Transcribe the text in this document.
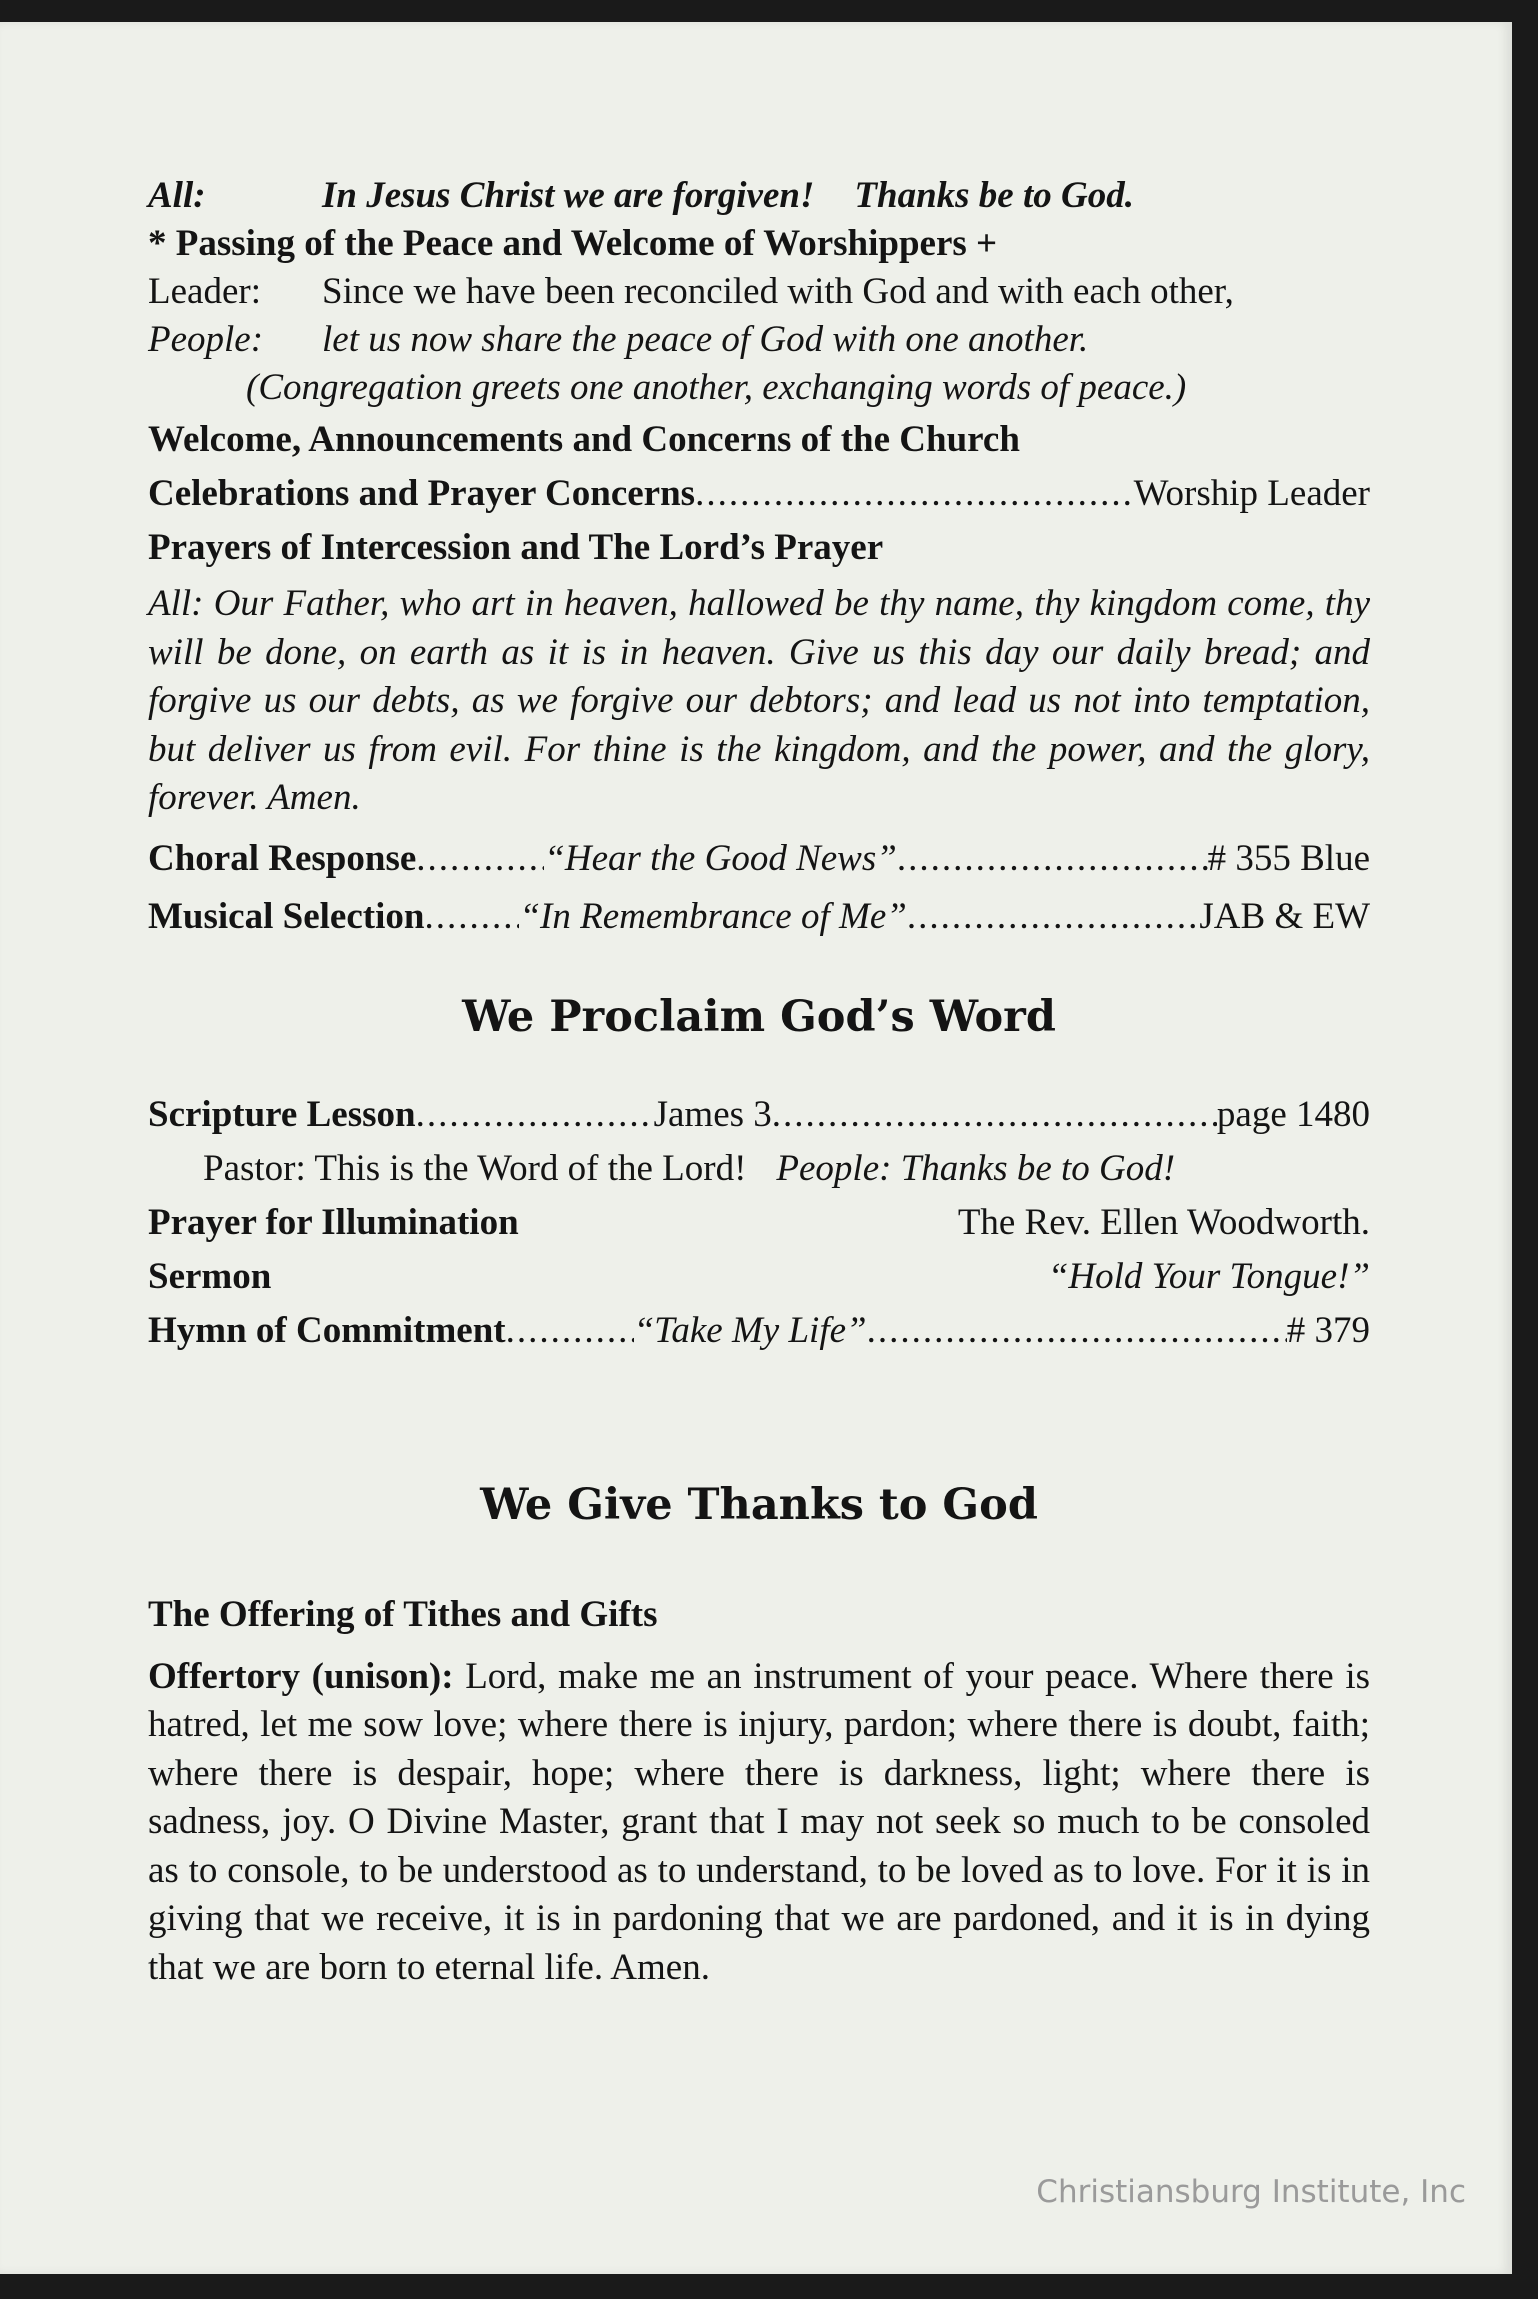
All:	In Jesus Christ we are forgiven! Thanks be to God.
* Passing of the Peace and Welcome of Worshippers +
Leader:	Since we have been reconciled with God and with each other,
People:	let us now share the peace of God with one another.
(Congregation greets one another, exchanging words of peace.)
Welcome, Announcements and Concerns of the Church
Celebrations and Prayer Concerns .....	Worship Leader
Prayers of Intercession and The Lord’s Prayer
All: Our Father, who art in heaven, hallowed be thy name, thy kingdom come, thy will be done, on earth as it is in heaven. Give us this day our daily bread; and forgive us our debts, as we forgive our debtors; and lead us not into temptation, but deliver us from evil. For thine is the kingdom, and the power, and the glory, forever. Amen.
Choral Response .....	“Hear the Good News” .....	# 355 Blue
Musical Selection .....	“In Remembrance of Me” .....	JAB & EW
We Proclaim God’s Word
Scripture Lesson .....	James 3 .....	page 1480
Pastor: This is the Word of the Lord! People: Thanks be to God!
Prayer for Illumination	The Rev. Ellen Woodworth.
Sermon	“Hold Your Tongue!”
Hymn of Commitment .....	“Take My Life” .....	# 379
We Give Thanks to God
The Offering of Tithes and Gifts
Offertory (unison): Lord, make me an instrument of your peace. Where there is hatred, let me sow love; where there is injury, pardon; where there is doubt, faith; where there is despair, hope; where there is darkness, light; where there is sadness, joy. O Divine Master, grant that I may not seek so much to be consoled as to console, to be understood as to understand, to be loved as to love. For it is in giving that we receive, it is in pardoning that we are pardoned, and it is in dying that we are born to eternal life. Amen.
Christiansburg Institute, Inc
